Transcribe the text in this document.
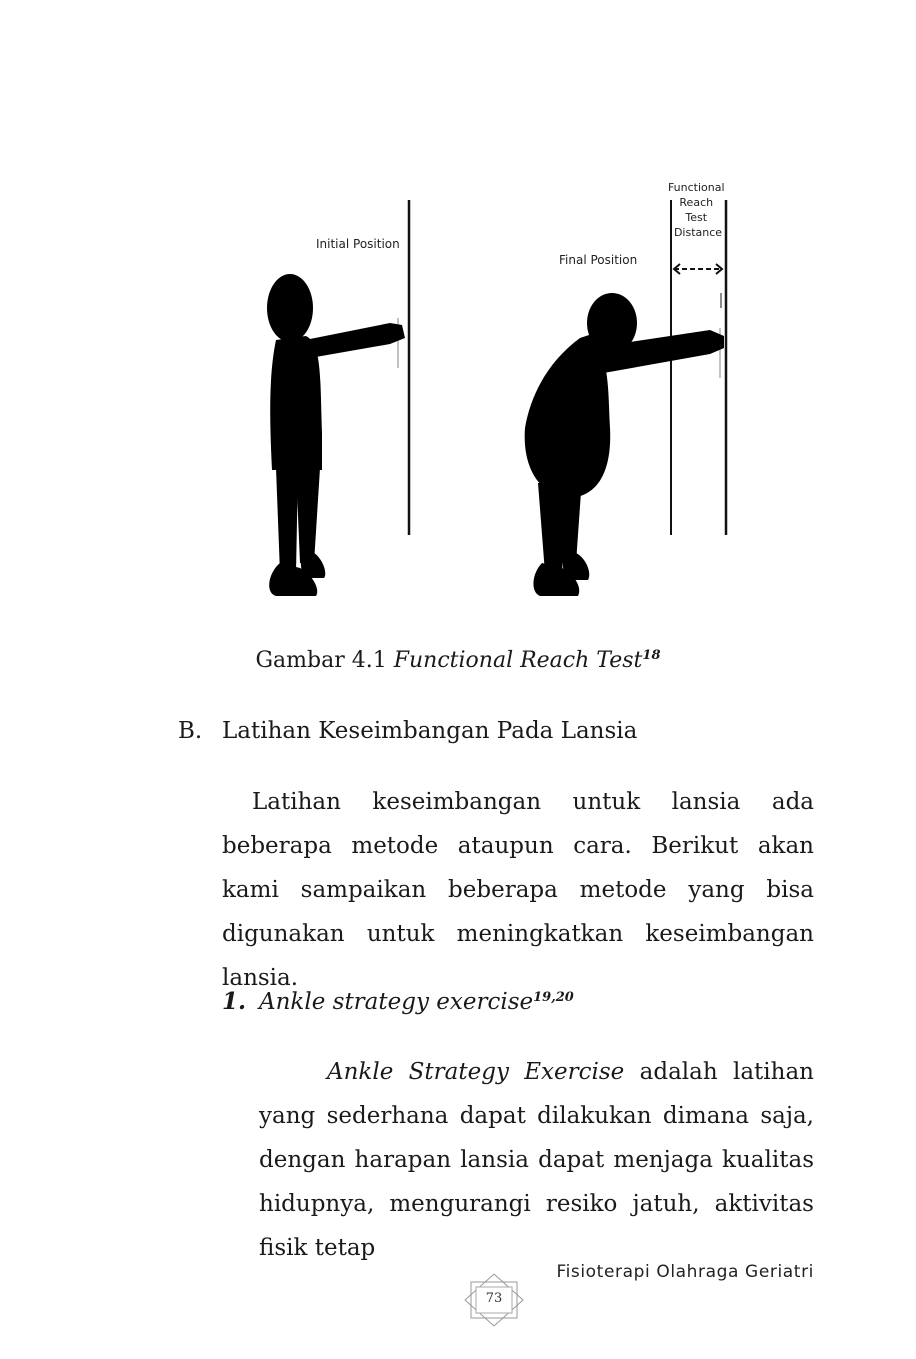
Initial Position
Final Position
Functional Reach Test Distance
Gambar 4.1 Functional Reach Test$^{18}$
B. Latihan Keseimbangan Pada Lansia
Latihan keseimbangan untuk lansia ada beberapa metode ataupun cara. Berikut akan kami sampaikan beberapa metode yang bisa digunakan untuk meningkatkan keseimbangan lansia.
1. Ankle strategy exercise$^{19,20}$
Ankle Strategy Exercise adalah latihan yang sederhana dapat dilakukan dimana saja, dengan harapan lansia dapat menjaga kualitas hidupnya, mengurangi resiko jatuh, aktivitas fisik tetap
Fisioterapi Olahraga Geriatri
73
